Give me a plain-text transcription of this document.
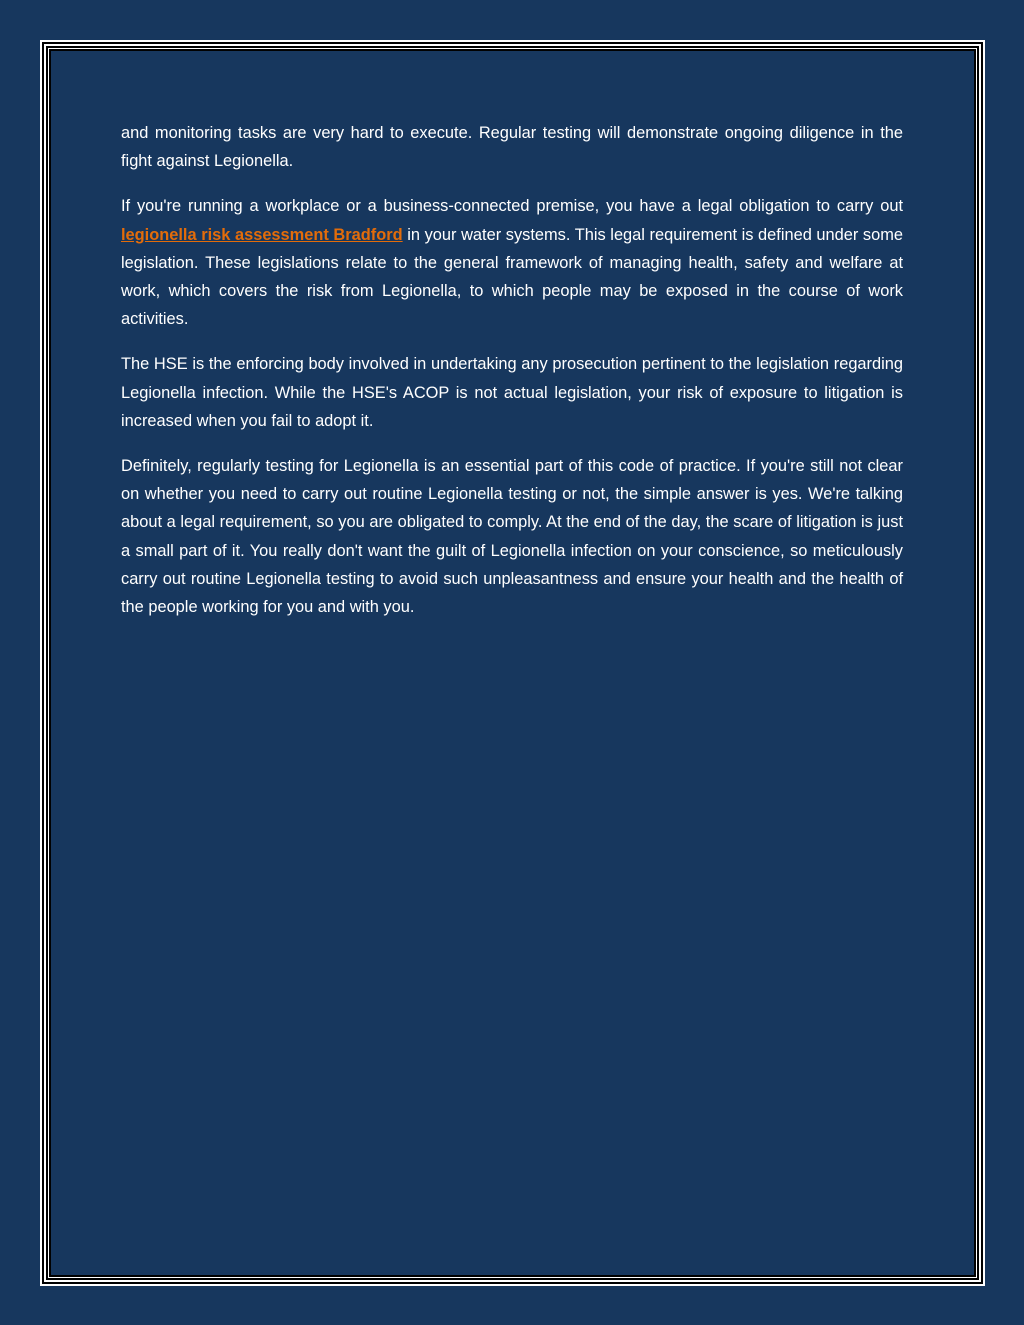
and monitoring tasks are very hard to execute. Regular testing will demonstrate ongoing diligence in the fight against Legionella.

If you're running a workplace or a business-connected premise, you have a legal obligation to carry out legionella risk assessment Bradford in your water systems. This legal requirement is defined under some legislation. These legislations relate to the general framework of managing health, safety and welfare at work, which covers the risk from Legionella, to which people may be exposed in the course of work activities.

The HSE is the enforcing body involved in undertaking any prosecution pertinent to the legislation regarding Legionella infection. While the HSE's ACOP is not actual legislation, your risk of exposure to litigation is increased when you fail to adopt it.

Definitely, regularly testing for Legionella is an essential part of this code of practice. If you're still not clear on whether you need to carry out routine Legionella testing or not, the simple answer is yes. We're talking about a legal requirement, so you are obligated to comply. At the end of the day, the scare of litigation is just a small part of it. You really don't want the guilt of Legionella infection on your conscience, so meticulously carry out routine Legionella testing to avoid such unpleasantness and ensure your health and the health of the people working for you and with you.
